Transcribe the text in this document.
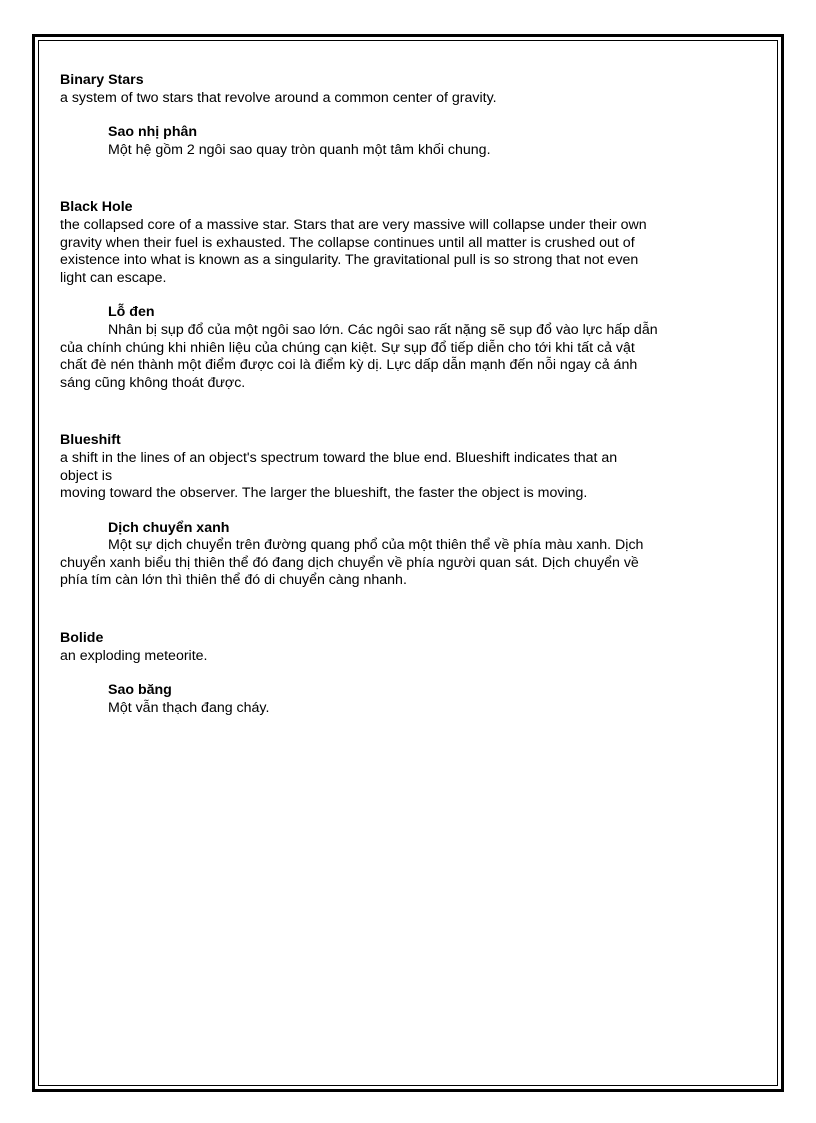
Binary Stars
a system of two stars that revolve around a common center of gravity.
Sao nhị phân
Một hệ gồm 2 ngôi sao quay tròn quanh một tâm khối chung.
Black Hole
the collapsed core of a massive star. Stars that are very massive will collapse under their own
gravity when their fuel is exhausted. The collapse continues until all matter is crushed out of
existence into what is known as a singularity. The gravitational pull is so strong that not even
light can escape.
Lỗ đen
Nhân bị sụp đổ của một ngôi sao lớn. Các ngôi sao rất nặng sẽ sụp đổ vào lực hấp dẫn
của chính chúng khi nhiên liệu của chúng cạn kiệt. Sự sụp đổ tiếp diễn cho tới khi tất cả vật
chất đè nén thành một điểm được coi là điểm kỳ dị. Lực dấp dẫn mạnh đến nỗi ngay cả ánh
sáng cũng không thoát được.
Blueshift
a shift in the lines of an object's spectrum toward the blue end. Blueshift indicates that an
object is
moving toward the observer. The larger the blueshift, the faster the object is moving.
Dịch chuyển xanh
Một sự dịch chuyển trên đường quang phổ của một thiên thể về phía màu xanh. Dịch
chuyển xanh biểu thị thiên thể đó đang dịch chuyển về phía người quan sát. Dịch chuyển về
phía tím càn lớn thì thiên thể đó di chuyển càng nhanh.
Bolide
an exploding meteorite.
Sao băng
Một vẫn thạch đang cháy.
